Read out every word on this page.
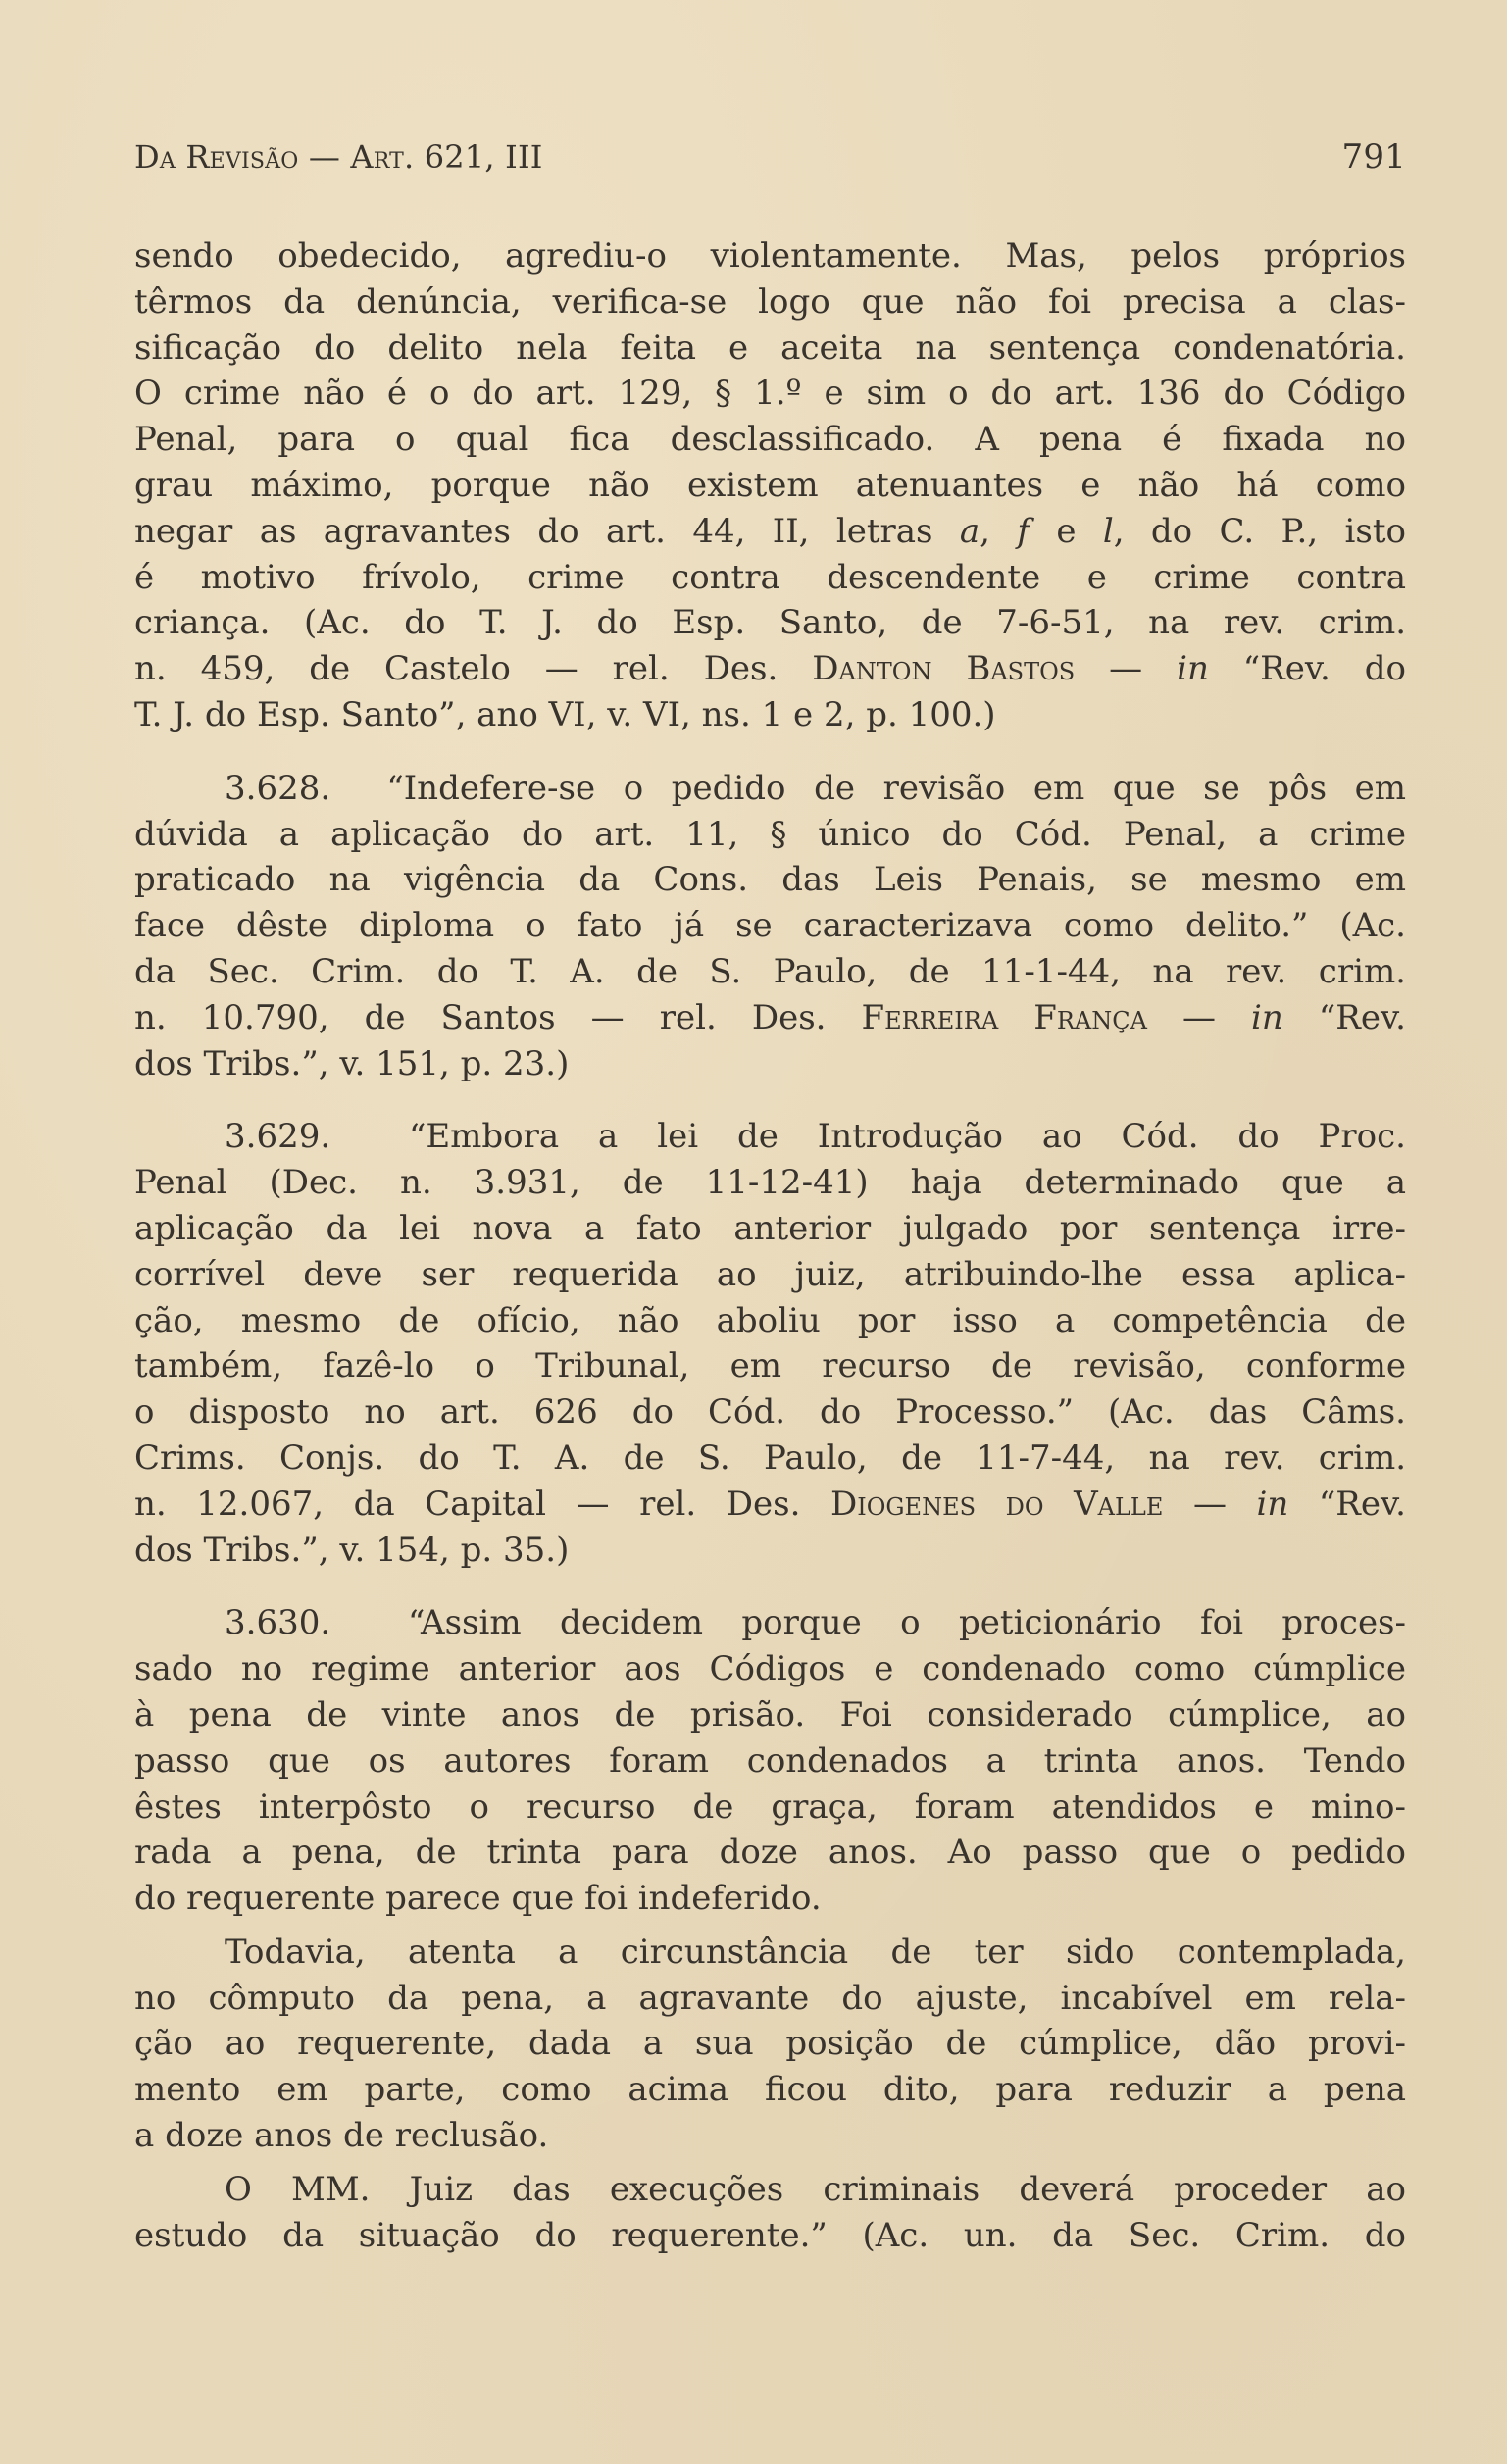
Da Revisão — Art. 621, III	791
sendo obedecido, agrediu-o violentamente. Mas, pelos próprios
têrmos da denúncia, verifica-se logo que não foi precisa a clas-
sificação do delito nela feita e aceita na sentença condenatória.
O crime não é o do art. 129, § 1.º e sim o do art. 136 do Código
Penal, para o qual fica desclassificado. A pena é fixada no
grau máximo, porque não existem atenuantes e não há como
negar as agravantes do art. 44, II, letras a, f e l, do C. P., isto
é motivo frívolo, crime contra descendente e crime contra
criança. (Ac. do T. J. do Esp. Santo, de 7-6-51, na rev. crim.
n. 459, de Castelo — rel. Des. Danton Bastos — in “Rev. do
T. J. do Esp. Santo”, ano VI, v. VI, ns. 1 e 2, p. 100.)
3.628. “Indefere-se o pedido de revisão em que se pôs em
dúvida a aplicação do art. 11, § único do Cód. Penal, a crime
praticado na vigência da Cons. das Leis Penais, se mesmo em
face dêste diploma o fato já se caracterizava como delito.” (Ac.
da Sec. Crim. do T. A. de S. Paulo, de 11-1-44, na rev. crim.
n. 10.790, de Santos — rel. Des. Ferreira França — in “Rev.
dos Tribs.”, v. 151, p. 23.)
3.629. “Embora a lei de Introdução ao Cód. do Proc.
Penal (Dec. n. 3.931, de 11-12-41) haja determinado que a
aplicação da lei nova a fato anterior julgado por sentença irre-
corrível deve ser requerida ao juiz, atribuindo-lhe essa aplica-
ção, mesmo de ofício, não aboliu por isso a competência de
também, fazê-lo o Tribunal, em recurso de revisão, conforme
o disposto no art. 626 do Cód. do Processo.” (Ac. das Câms.
Crims. Conjs. do T. A. de S. Paulo, de 11-7-44, na rev. crim.
n. 12.067, da Capital — rel. Des. Diogenes do Valle — in “Rev.
dos Tribs.”, v. 154, p. 35.)
3.630. “Assim decidem porque o peticionário foi proces-
sado no regime anterior aos Códigos e condenado como cúmplice
à pena de vinte anos de prisão. Foi considerado cúmplice, ao
passo que os autores foram condenados a trinta anos. Tendo
êstes interpôsto o recurso de graça, foram atendidos e mino-
rada a pena, de trinta para doze anos. Ao passo que o pedido
do requerente parece que foi indeferido.
Todavia, atenta a circunstância de ter sido contemplada,
no cômputo da pena, a agravante do ajuste, incabível em rela-
ção ao requerente, dada a sua posição de cúmplice, dão provi-
mento em parte, como acima ficou dito, para reduzir a pena
a doze anos de reclusão.
O MM. Juiz das execuções criminais deverá proceder ao
estudo da situação do requerente.” (Ac. un. da Sec. Crim. do
